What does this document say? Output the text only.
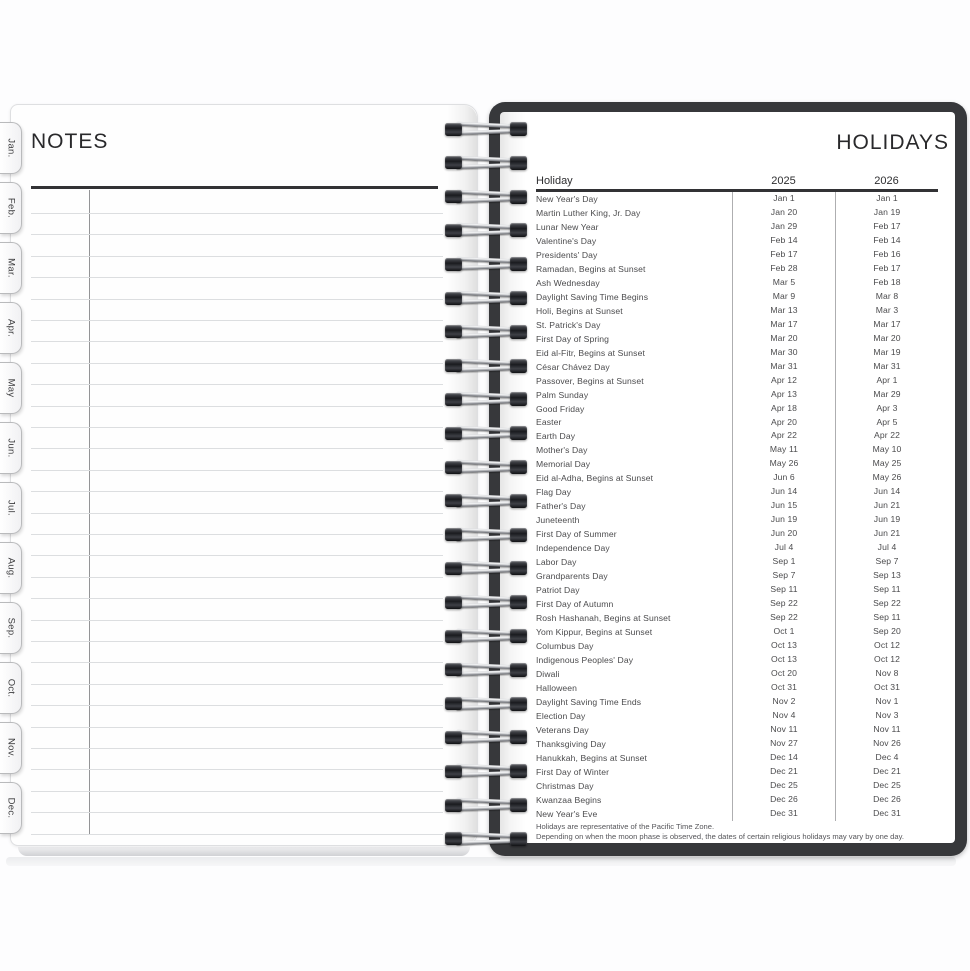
NOTES
Jan.
Feb.
Mar.
Apr.
May
Jun.
Jul.
Aug.
Sep.
Oct.
Nov.
Dec.
HOLIDAYS
Holiday	2025	2026
New Year's Day	Jan 1	Jan 1
Martin Luther King, Jr. Day	Jan 20	Jan 19
Lunar New Year	Jan 29	Feb 17
Valentine's Day	Feb 14	Feb 14
Presidents' Day	Feb 17	Feb 16
Ramadan, Begins at Sunset	Feb 28	Feb 17
Ash Wednesday	Mar 5	Feb 18
Daylight Saving Time Begins	Mar 9	Mar 8
Holi, Begins at Sunset	Mar 13	Mar 3
St. Patrick's Day	Mar 17	Mar 17
First Day of Spring	Mar 20	Mar 20
Eid al-Fitr, Begins at Sunset	Mar 30	Mar 19
César Chávez Day	Mar 31	Mar 31
Passover, Begins at Sunset	Apr 12	Apr 1
Palm Sunday	Apr 13	Mar 29
Good Friday	Apr 18	Apr 3
Easter	Apr 20	Apr 5
Earth Day	Apr 22	Apr 22
Mother's Day	May 11	May 10
Memorial Day	May 26	May 25
Eid al-Adha, Begins at Sunset	Jun 6	May 26
Flag Day	Jun 14	Jun 14
Father's Day	Jun 15	Jun 21
Juneteenth	Jun 19	Jun 19
First Day of Summer	Jun 20	Jun 21
Independence Day	Jul 4	Jul 4
Labor Day	Sep 1	Sep 7
Grandparents Day	Sep 7	Sep 13
Patriot Day	Sep 11	Sep 11
First Day of Autumn	Sep 22	Sep 22
Rosh Hashanah, Begins at Sunset	Sep 22	Sep 11
Yom Kippur, Begins at Sunset	Oct 1	Sep 20
Columbus Day	Oct 13	Oct 12
Indigenous Peoples' Day	Oct 13	Oct 12
Diwali	Oct 20	Nov 8
Halloween	Oct 31	Oct 31
Daylight Saving Time Ends	Nov 2	Nov 1
Election Day	Nov 4	Nov 3
Veterans Day	Nov 11	Nov 11
Thanksgiving Day	Nov 27	Nov 26
Hanukkah, Begins at Sunset	Dec 14	Dec 4
First Day of Winter	Dec 21	Dec 21
Christmas Day	Dec 25	Dec 25
Kwanzaa Begins	Dec 26	Dec 26
New Year's Eve	Dec 31	Dec 31
Holidays are representative of the Pacific Time Zone.
Depending on when the moon phase is observed, the dates of certain religious holidays may vary by one day.
